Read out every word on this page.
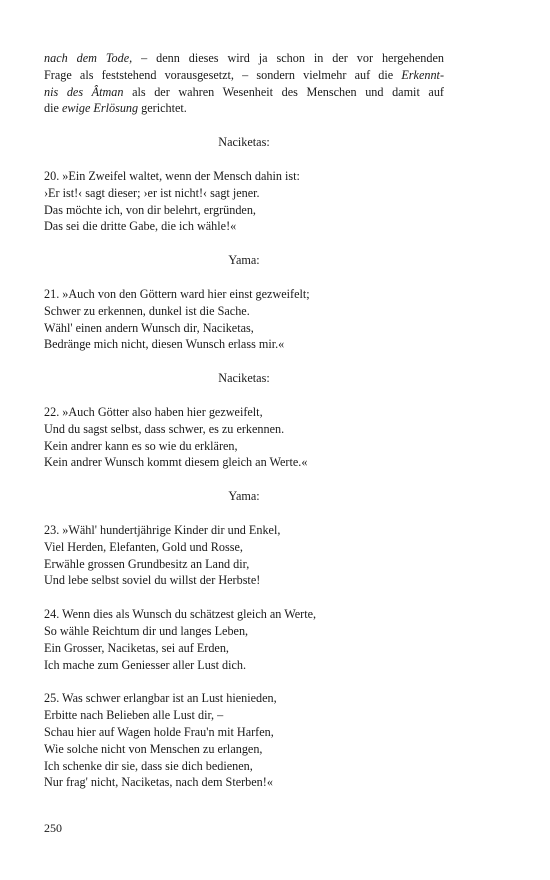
nach dem Tode, – denn dieses wird ja schon in der vor hergehenden
Frage als feststehend vorausgesetzt, – sondern vielmehr auf die Erkennt-
nis des Âtman als der wahren Wesenheit des Menschen und damit auf
die ewige Erlösung gerichtet.

Naciketas:

20. »Ein Zweifel waltet, wenn der Mensch dahin ist:
›Er ist!‹ sagt dieser; ›er ist nicht!‹ sagt jener.
Das möchte ich, von dir belehrt, ergründen,
Das sei die dritte Gabe, die ich wähle!«

Yama:

21. »Auch von den Göttern ward hier einst gezweifelt;
Schwer zu erkennen, dunkel ist die Sache.
Wähl' einen andern Wunsch dir, Naciketas,
Bedränge mich nicht, diesen Wunsch erlass mir.«

Naciketas:

22. »Auch Götter also haben hier gezweifelt,
Und du sagst selbst, dass schwer, es zu erkennen.
Kein andrer kann es so wie du erklären,
Kein andrer Wunsch kommt diesem gleich an Werte.«

Yama:

23. »Wähl' hundertjährige Kinder dir und Enkel,
Viel Herden, Elefanten, Gold und Rosse,
Erwähle grossen Grundbesitz an Land dir,
Und lebe selbst soviel du willst der Herbste!
24. Wenn dies als Wunsch du schätzest gleich an Werte,
So wähle Reichtum dir und langes Leben,
Ein Grosser, Naciketas, sei auf Erden,
Ich mache zum Geniesser aller Lust dich.
25. Was schwer erlangbar ist an Lust hienieden,
Erbitte nach Belieben alle Lust dir, –
Schau hier auf Wagen holde Frau'n mit Harfen,
Wie solche nicht von Menschen zu erlangen,
Ich schenke dir sie, dass sie dich bedienen,
Nur frag' nicht, Naciketas, nach dem Sterben!«
250
